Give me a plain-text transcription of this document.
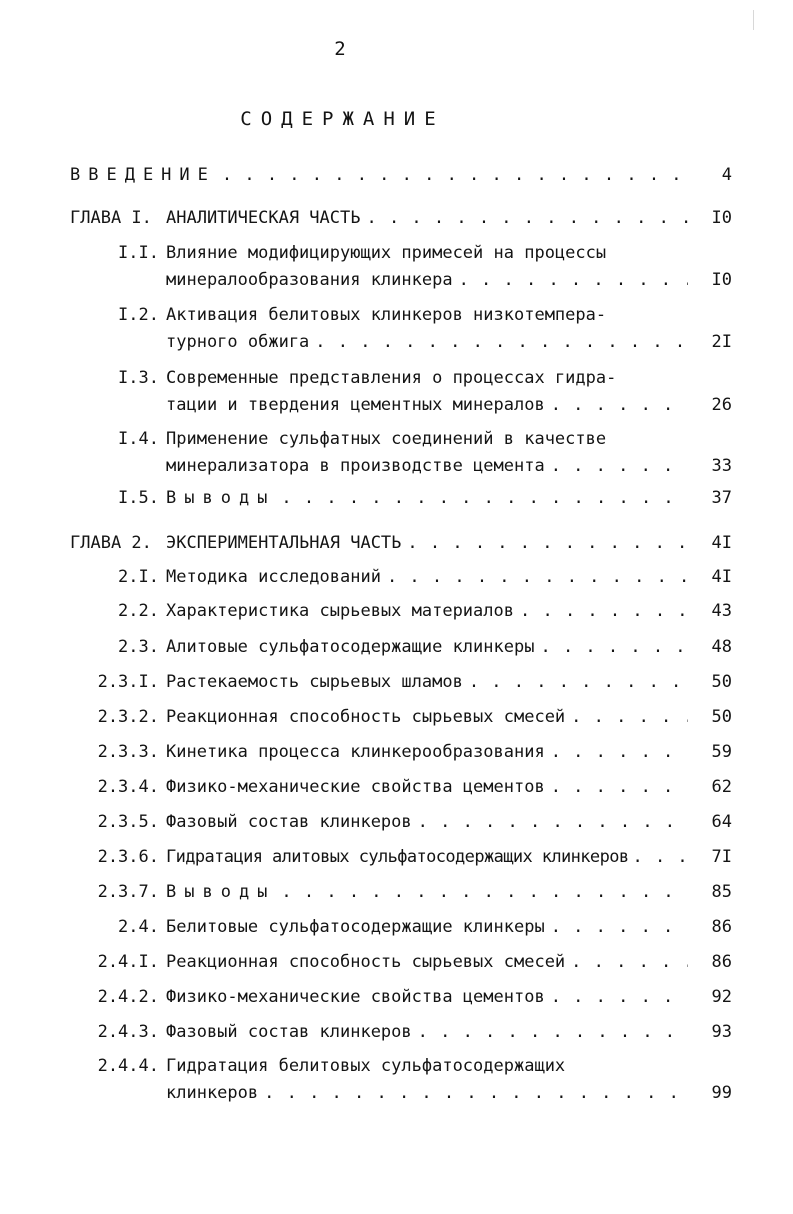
2
СОДЕРЖАНИЕ
ВВЕДЕНИЕ . . .	4
ГЛАВА I. АНАЛИТИЧЕСКАЯ ЧАСТЬ . . .	I0
I.I. Влияние модифицирующих примесей на процессы
минералообразования клинкера . . .	I0
I.2. Активация белитовых клинкеров низкотемпера-
турного обжига . . .	2I
I.3. Современные представления о процессах гидра-
тации и твердения цементных минералов . . .	26
I.4. Применение сульфатных соединений в качестве
минерализатора в производстве цемента . . .	33
I.5. Выводы . . .	37
ГЛАВА 2. ЭКСПЕРИМЕНТАЛЬНАЯ ЧАСТЬ . . .	4I
2.I. Методика исследований . . .	4I
2.2. Характеристика сырьевых материалов . . .	43
2.3. Алитовые сульфатосодержащие клинкеры . . .	48
2.3.I. Растекаемость сырьевых шламов . . .	50
2.3.2. Реакционная способность сырьевых смесей . . .	50
2.3.3. Кинетика процесса клинкерообразования . . .	59
2.3.4. Физико-механические свойства цементов . . .	62
2.3.5. Фазовый состав клинкеров . . .	64
2.3.6. Гидратация алитовых сульфатосодержащих клинкеров . . .	7I
2.3.7. Выводы . . .	85
2.4. Белитовые сульфатосодержащие клинкеры . . .	86
2.4.I. Реакционная способность сырьевых смесей . . .	86
2.4.2. Физико-механические свойства цементов . . .	92
2.4.3. Фазовый состав клинкеров . . .	93
2.4.4. Гидратация белитовых сульфатосодержащих
клинкеров . . .	99
